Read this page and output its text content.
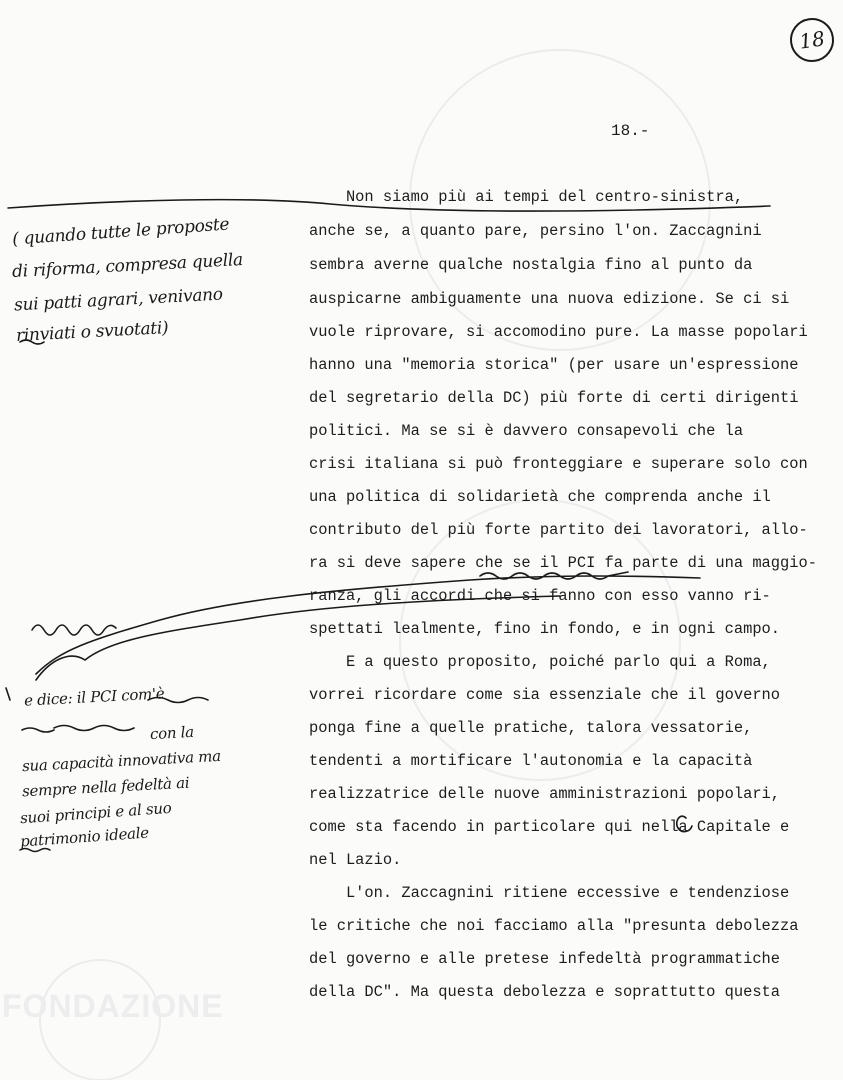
FONDAZIONE
18
18.-
Non siamo più ai tempi del centro-sinistra,
anche se, a quanto pare, persino l'on. Zaccagnini
sembra averne qualche nostalgia fino al punto da
auspicarne ambiguamente una nuova edizione. Se ci si
vuole riprovare, si accomodino pure. La masse popolari
hanno una "memoria storica" (per usare un'espressione
del segretario della DC) più forte di certi dirigenti
politici. Ma se si è davvero consapevoli che la
crisi italiana si può fronteggiare e superare solo con
una politica di solidarietà che comprenda anche il
contributo del più forte partito dei lavoratori, allo-
ra si deve sapere che se il PCI fa parte di una maggio-
ranza, gli accordi che si fanno con esso vanno ri-
spettati lealmente, fino in fondo, e in ogni campo.
E a questo proposito, poiché parlo qui a Roma,
vorrei ricordare come sia essenziale che il governo
ponga fine a quelle pratiche, talora vessatorie,
tendenti a mortificare l'autonomia e la capacità
realizzatrice delle nuove amministrazioni popolari,
come sta facendo in particolare qui nella Capitale e
nel Lazio.
L'on. Zaccagnini ritiene eccessive e tendenziose
le critiche che noi facciamo alla "presunta debolezza
del governo e alle pretese infedeltà programmatiche
della DC". Ma questa debolezza e soprattutto questa
( quando tutte le proposte
di riforma, compresa quella
sui patti agrari, venivano
rinviati o svuotati)
e dice: il PCI com'è
con la
sua capacità innovativa ma
sempre nella fedeltà ai
suoi principi e al suo
patrimonio ideale
